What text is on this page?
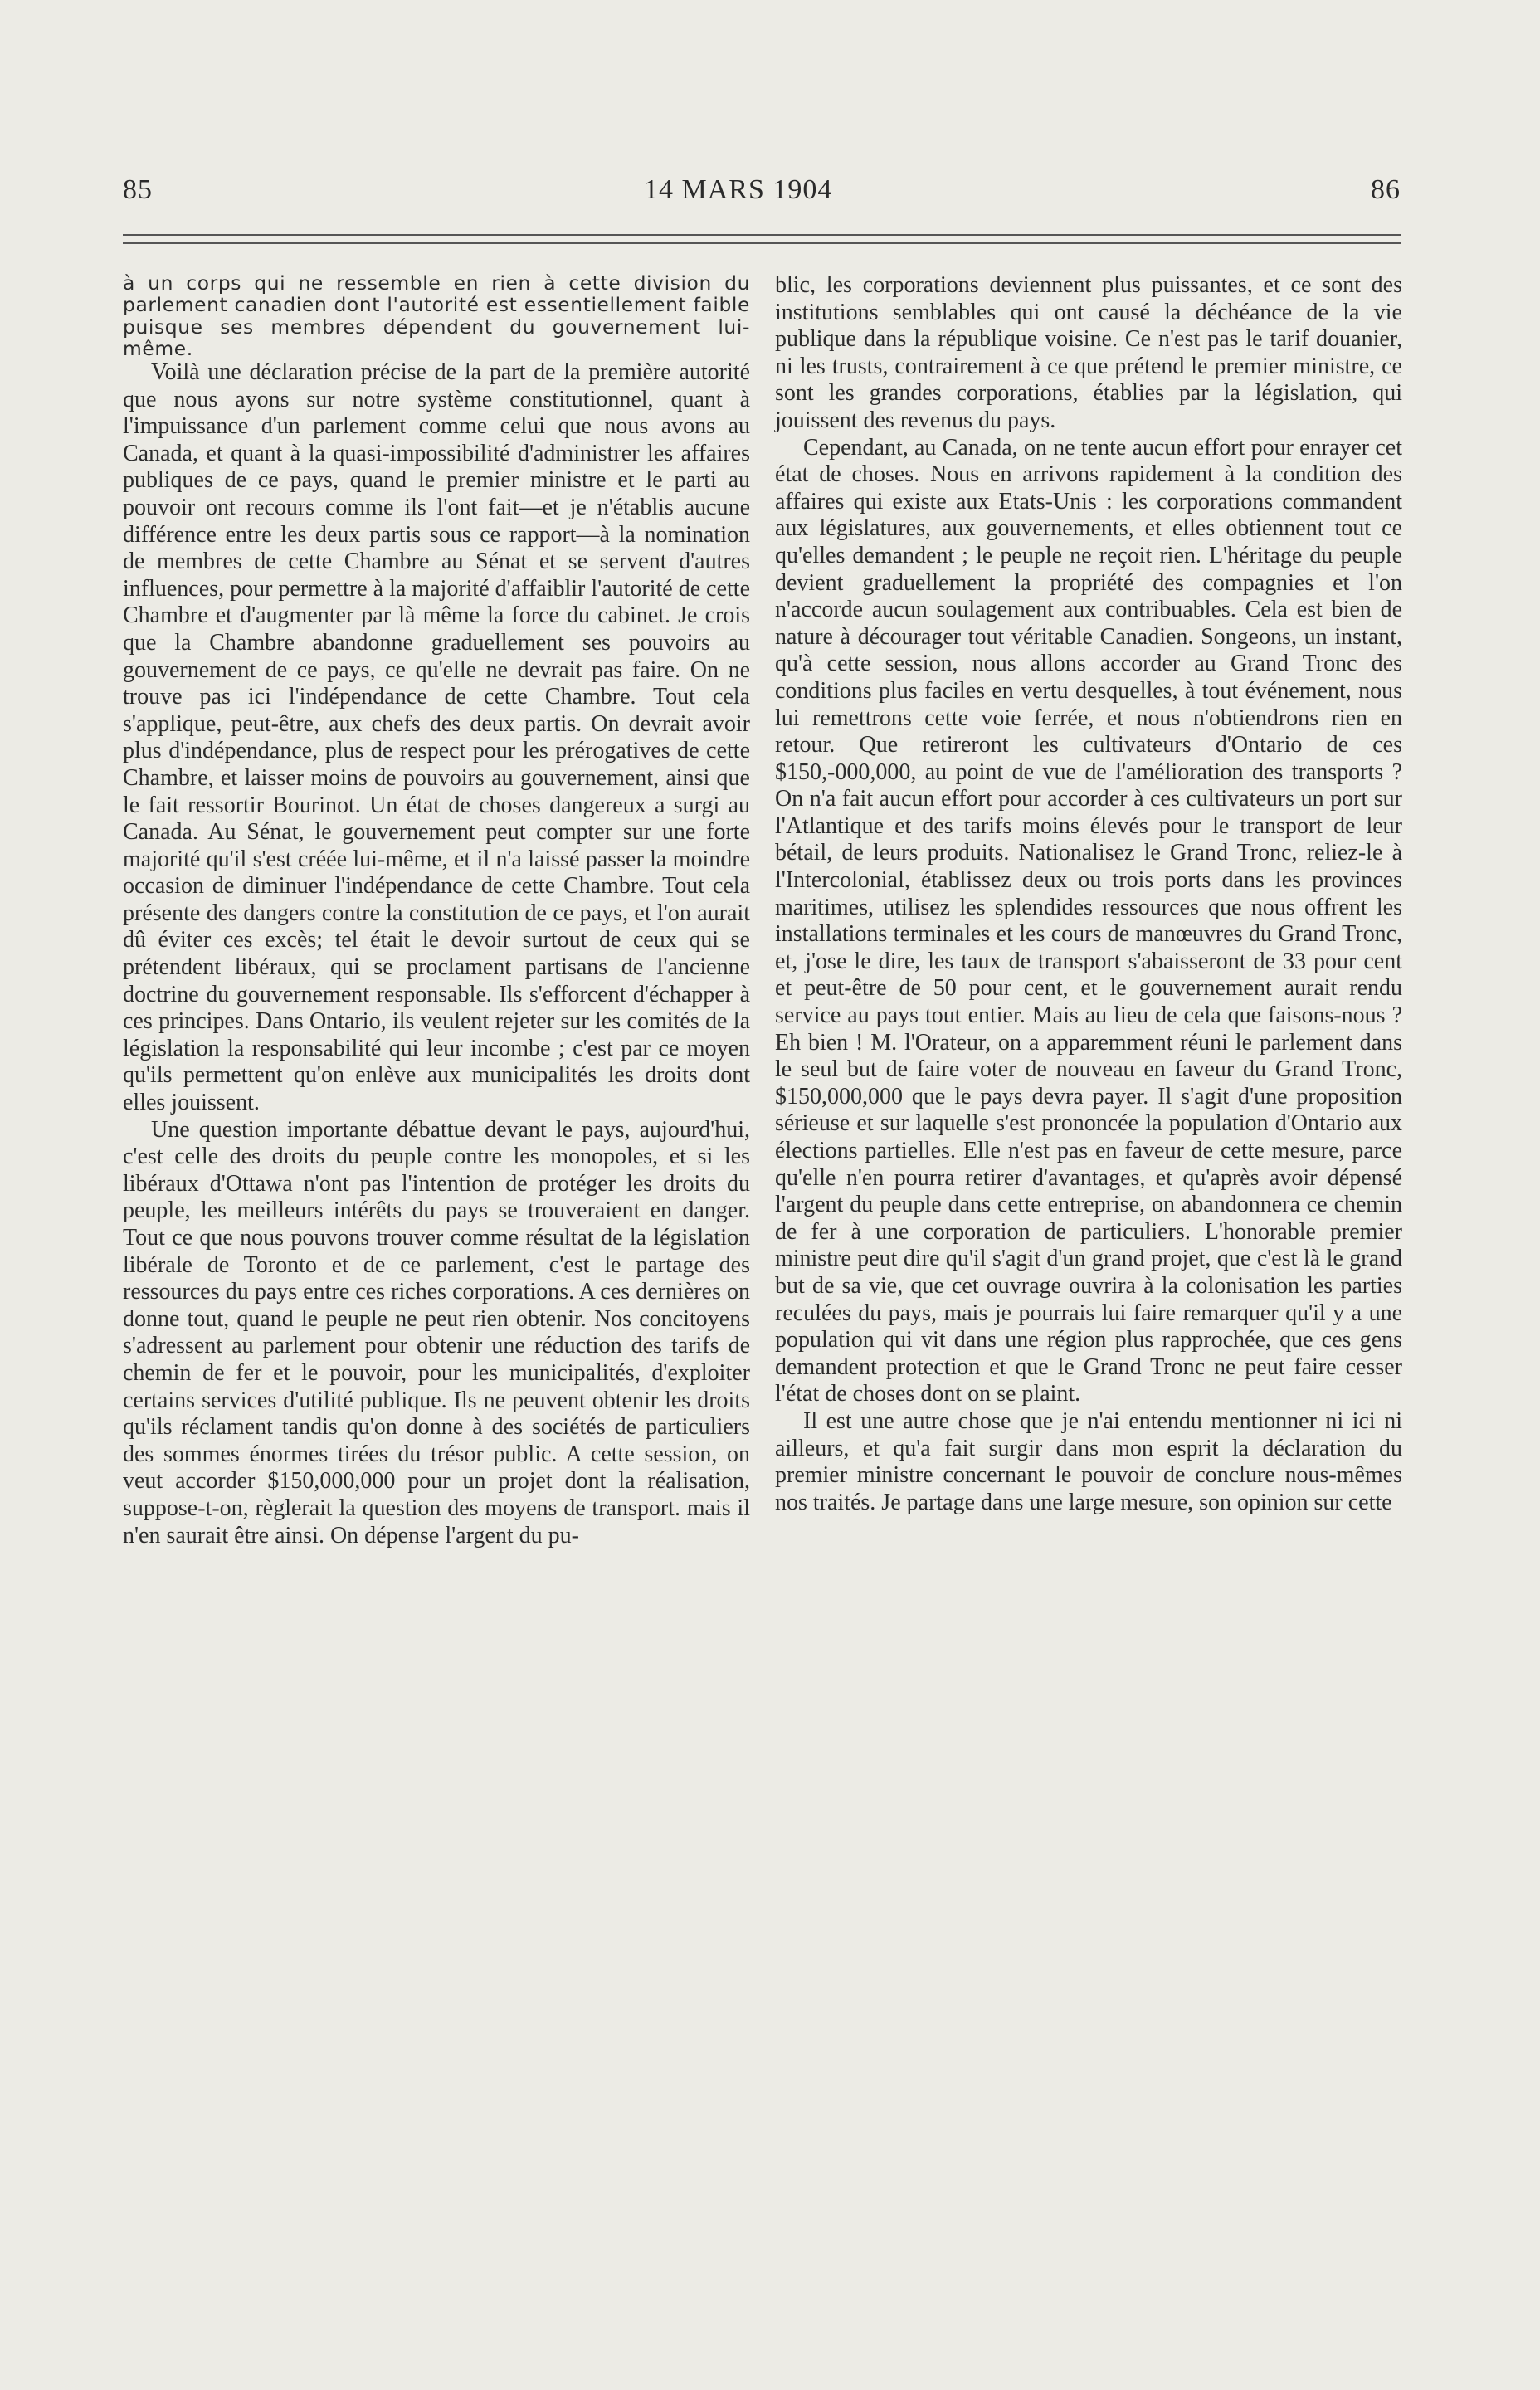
85	14 MARS 1904	86

à un corps qui ne ressemble en rien à cette division du parlement canadien dont l'autorité est essentiellement faible puisque ses membres dépendent du gouvernement lui-même.

Voilà une déclaration précise de la part de la première autorité que nous ayons sur notre système constitutionnel, quant à l'impuissance d'un parlement comme celui que nous avons au Canada, et quant à la quasi-impossibilité d'administrer les affaires publiques de ce pays, quand le premier ministre et le parti au pouvoir ont recours comme ils l'ont fait—et je n'établis aucune différence entre les deux partis sous ce rapport—à la nomination de membres de cette Chambre au Sénat et se servent d'autres influences, pour permettre à la majorité d'affaiblir l'autorité de cette Chambre et d'augmenter par là même la force du cabinet. Je crois que la Chambre abandonne graduellement ses pouvoirs au gouvernement de ce pays, ce qu'elle ne devrait pas faire. On ne trouve pas ici l'indépendance de cette Chambre. Tout cela s'applique, peut-être, aux chefs des deux partis. On devrait avoir plus d'indépendance, plus de respect pour les prérogatives de cette Chambre, et laisser moins de pouvoirs au gouvernement, ainsi que le fait ressortir Bourinot. Un état de choses dangereux a surgi au Canada. Au Sénat, le gouvernement peut compter sur une forte majorité qu'il s'est créée lui-même, et il n'a laissé passer la moindre occasion de diminuer l'indépendance de cette Chambre. Tout cela présente des dangers contre la constitution de ce pays, et l'on aurait dû éviter ces excès; tel était le devoir surtout de ceux qui se prétendent libéraux, qui se proclament partisans de l'ancienne doctrine du gouvernement responsable. Ils s'efforcent d'échapper à ces principes. Dans Ontario, ils veulent rejeter sur les comités de la législation la responsabilité qui leur incombe ; c'est par ce moyen qu'ils permettent qu'on enlève aux municipalités les droits dont elles jouissent.

Une question importante débattue devant le pays, aujourd'hui, c'est celle des droits du peuple contre les monopoles, et si les libéraux d'Ottawa n'ont pas l'intention de protéger les droits du peuple, les meilleurs intérêts du pays se trouveraient en danger. Tout ce que nous pouvons trouver comme résultat de la législation libérale de Toronto et de ce parlement, c'est le partage des ressources du pays entre ces riches corporations. A ces dernières on donne tout, quand le peuple ne peut rien obtenir. Nos concitoyens s'adressent au parlement pour obtenir une réduction des tarifs de chemin de fer et le pouvoir, pour les municipalités, d'exploiter certains services d'utilité publique. Ils ne peuvent obtenir les droits qu'ils réclament tandis qu'on donne à des sociétés de particuliers des sommes énormes tirées du trésor public. A cette session, on veut accorder $150,000,000 pour un projet dont la réalisation, suppose-t-on, règlerait la question des moyens de transport. mais il n'en saurait être ainsi. On dépense l'argent du pu-

blic, les corporations deviennent plus puissantes, et ce sont des institutions semblables qui ont causé la déchéance de la vie publique dans la république voisine. Ce n'est pas le tarif douanier, ni les trusts, contrairement à ce que prétend le premier ministre, ce sont les grandes corporations, établies par la législation, qui jouissent des revenus du pays.

Cependant, au Canada, on ne tente aucun effort pour enrayer cet état de choses. Nous en arrivons rapidement à la condition des affaires qui existe aux Etats-Unis : les corporations commandent aux législatures, aux gouvernements, et elles obtiennent tout ce qu'elles demandent ; le peuple ne reçoit rien. L'héritage du peuple devient graduellement la propriété des compagnies et l'on n'accorde aucun soulagement aux contribuables. Cela est bien de nature à décourager tout véritable Canadien. Songeons, un instant, qu'à cette session, nous allons accorder au Grand Tronc des conditions plus faciles en vertu desquelles, à tout événement, nous lui remettrons cette voie ferrée, et nous n'obtiendrons rien en retour. Que retireront les cultivateurs d'Ontario de ces $150,-000,000, au point de vue de l'amélioration des transports ? On n'a fait aucun effort pour accorder à ces cultivateurs un port sur l'Atlantique et des tarifs moins élevés pour le transport de leur bétail, de leurs produits. Nationalisez le Grand Tronc, reliez-le à l'Intercolonial, établissez deux ou trois ports dans les provinces maritimes, utilisez les splendides ressources que nous offrent les installations terminales et les cours de manœuvres du Grand Tronc, et, j'ose le dire, les taux de transport s'abaisseront de 33 pour cent et peut-être de 50 pour cent, et le gouvernement aurait rendu service au pays tout entier. Mais au lieu de cela que faisons-nous ? Eh bien ! M. l'Orateur, on a apparemment réuni le parlement dans le seul but de faire voter de nouveau en faveur du Grand Tronc, $150,000,000 que le pays devra payer. Il s'agit d'une proposition sérieuse et sur laquelle s'est prononcée la population d'Ontario aux élections partielles. Elle n'est pas en faveur de cette mesure, parce qu'elle n'en pourra retirer d'avantages, et qu'après avoir dépensé l'argent du peuple dans cette entreprise, on abandonnera ce chemin de fer à une corporation de particuliers. L'honorable premier ministre peut dire qu'il s'agit d'un grand projet, que c'est là le grand but de sa vie, que cet ouvrage ouvrira à la colonisation les parties reculées du pays, mais je pourrais lui faire remarquer qu'il y a une population qui vit dans une région plus rapprochée, que ces gens demandent protection et que le Grand Tronc ne peut faire cesser l'état de choses dont on se plaint.

Il est une autre chose que je n'ai entendu mentionner ni ici ni ailleurs, et qu'a fait surgir dans mon esprit la déclaration du premier ministre concernant le pouvoir de conclure nous-mêmes nos traités. Je partage dans une large mesure, son opinion sur cette
